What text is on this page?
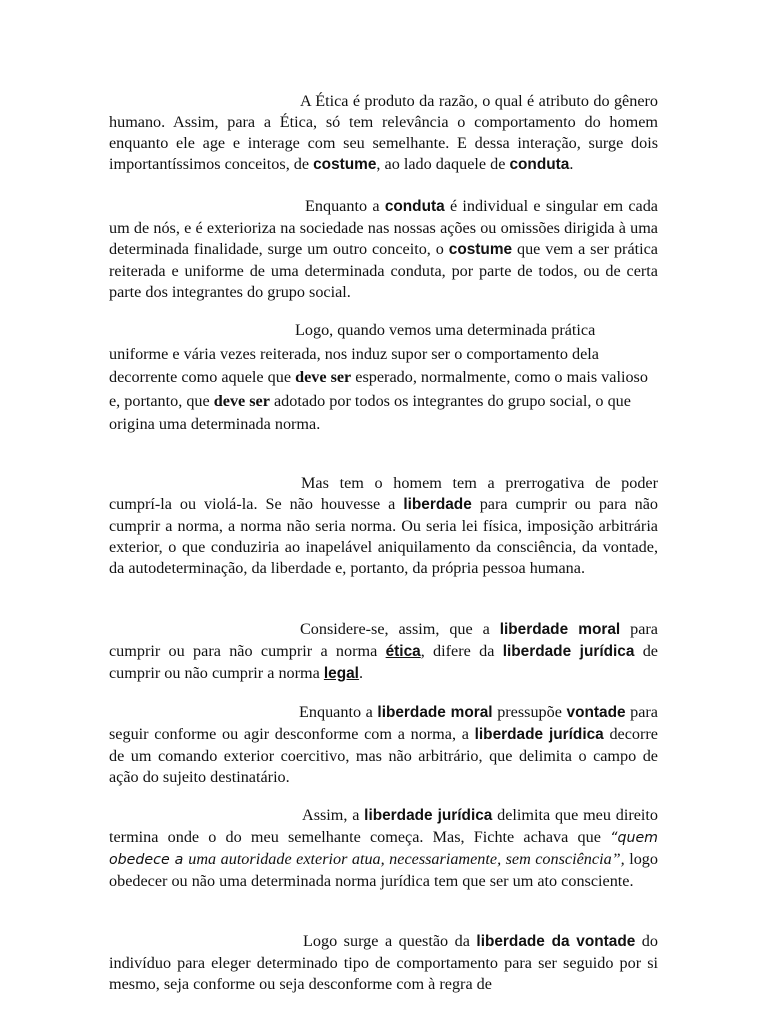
A Ética é produto da razão, o qual é atributo do gênero humano. Assim, para a Ética, só tem relevância o comportamento do homem enquanto ele age e interage com seu semelhante. E dessa interação, surge dois importantíssimos conceitos, de costume, ao lado daquele de conduta.

Enquanto a conduta é individual e singular em cada um de nós, e é exterioriza na sociedade nas nossas ações ou omissões dirigida à uma determinada finalidade, surge um outro conceito, o costume que vem a ser prática reiterada e uniforme de uma determinada conduta, por parte de todos, ou de certa parte dos integrantes do grupo social.

Logo, quando vemos uma determinada prática uniforme e vária vezes reiterada, nos induz supor ser o comportamento dela decorrente como aquele que deve ser esperado, normalmente, como o mais valioso e, portanto, que deve ser adotado por todos os integrantes do grupo social, o que origina uma determinada norma.

Mas tem o homem tem a prerrogativa de poder cumprí-la ou violá-la. Se não houvesse a liberdade para cumprir ou para não cumprir a norma, a norma não seria norma. Ou seria lei física, imposição arbitrária exterior, o que conduziria ao inapelável aniquilamento da consciência, da vontade, da autodeterminação, da liberdade e, portanto, da própria pessoa humana.

Considere-se, assim, que a liberdade moral para cumprir ou para não cumprir a norma ética, difere da liberdade jurídica de cumprir ou não cumprir a norma legal.

Enquanto a liberdade moral pressupõe vontade para seguir conforme ou agir desconforme com a norma, a liberdade jurídica decorre de um comando exterior coercitivo, mas não arbitrário, que delimita o campo de ação do sujeito destinatário.

Assim, a liberdade jurídica delimita que meu direito termina onde o do meu semelhante começa. Mas, Fichte achava que “quem obedece a uma autoridade exterior atua, necessariamente, sem consciência”, logo obedecer ou não uma determinada norma jurídica tem que ser um ato consciente.

Logo surge a questão da liberdade da vontade do indivíduo para eleger determinado tipo de comportamento para ser seguido por si mesmo, seja conforme ou seja desconforme com à regra de
